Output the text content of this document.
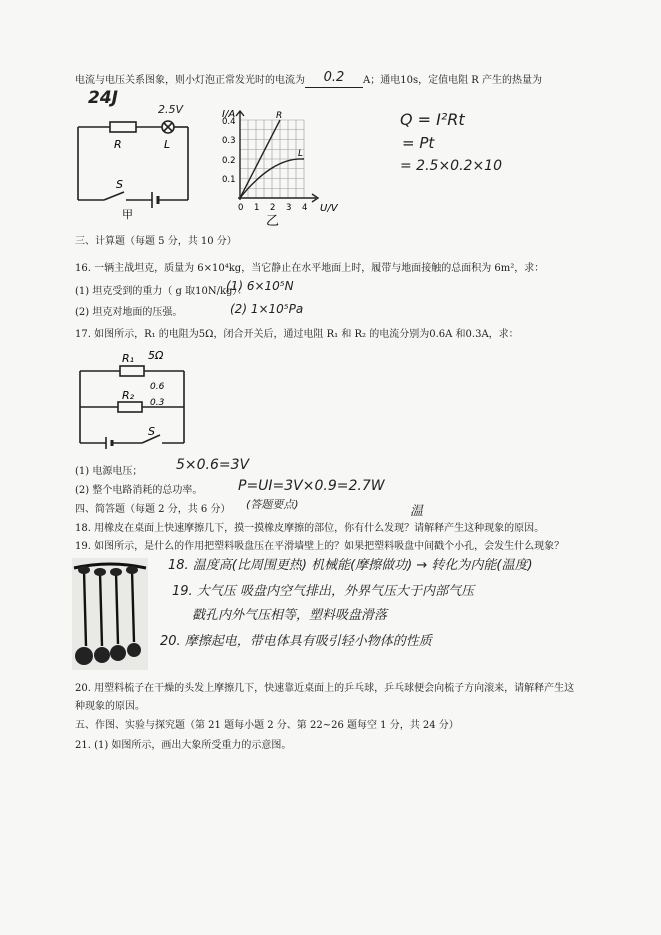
电流与电压关系图象，则小灯泡正常发光时的电流为 0.2 A；通电10s，定值电阻 R 产生的热量为
24J
2.5V
R	L
S
甲
I/A
U/V
R
L
0.4
0.3
0.2
0.1
0 1 2 3 4
乙
Q = I²Rt
= Pt
= 2.5×0.2×10
三、计算题（每题 5 分，共 10 分）
16. 一辆主战坦克，质量为 6×10⁴kg，当它静止在水平地面上时，履带与地面接触的总面积为 6m²，求：
(1) 坦克受到的重力（ g 取10N/kg）：
(1) 6×10⁵N
(2) 坦克对地面的压强。	(2) 1×10⁵Pa
17. 如图所示，R₁ 的电阻为5Ω，闭合开关后，通过电阻 R₁ 和 R₂ 的电流分别为0.6A 和0.3A，求：
R₁ 5Ω
0.6
R₂
0.3
S
(1) 电源电压； 5×0.6=3V
(2) 整个电路消耗的总功率。	P=UI=3V×0.9=2.7W
四、简答题（每题 2 分，共 6 分） (答题要点)	温
18. 用橡皮在桌面上快速摩擦几下，摸一摸橡皮摩擦的部位，你有什么发现？请解释产生这种现象的原因。
19. 如图所示，是什么的作用把塑料吸盘压在平滑墙壁上的？如果把塑料吸盘中间戳个小孔，会发生什么现象？
18. 温度高(比周围更热) 机械能(摩擦做功) → 转化为内能(温度)
19. 大气压 吸盘内空气排出，外界气压大于内部气压
戳孔内外气压相等，塑料吸盘滑落
20. 摩擦起电，带电体具有吸引轻小物体的性质
20. 用塑料梳子在干燥的头发上摩擦几下，快速靠近桌面上的乒乓球，乒乓球便会向梳子方向滚来，请解释产生这
种现象的原因。
五、作图、实验与探究题（第 21 题每小题 2 分、第 22~26 题每空 1 分，共 24 分）
21. (1) 如图所示，画出大象所受重力的示意图。
